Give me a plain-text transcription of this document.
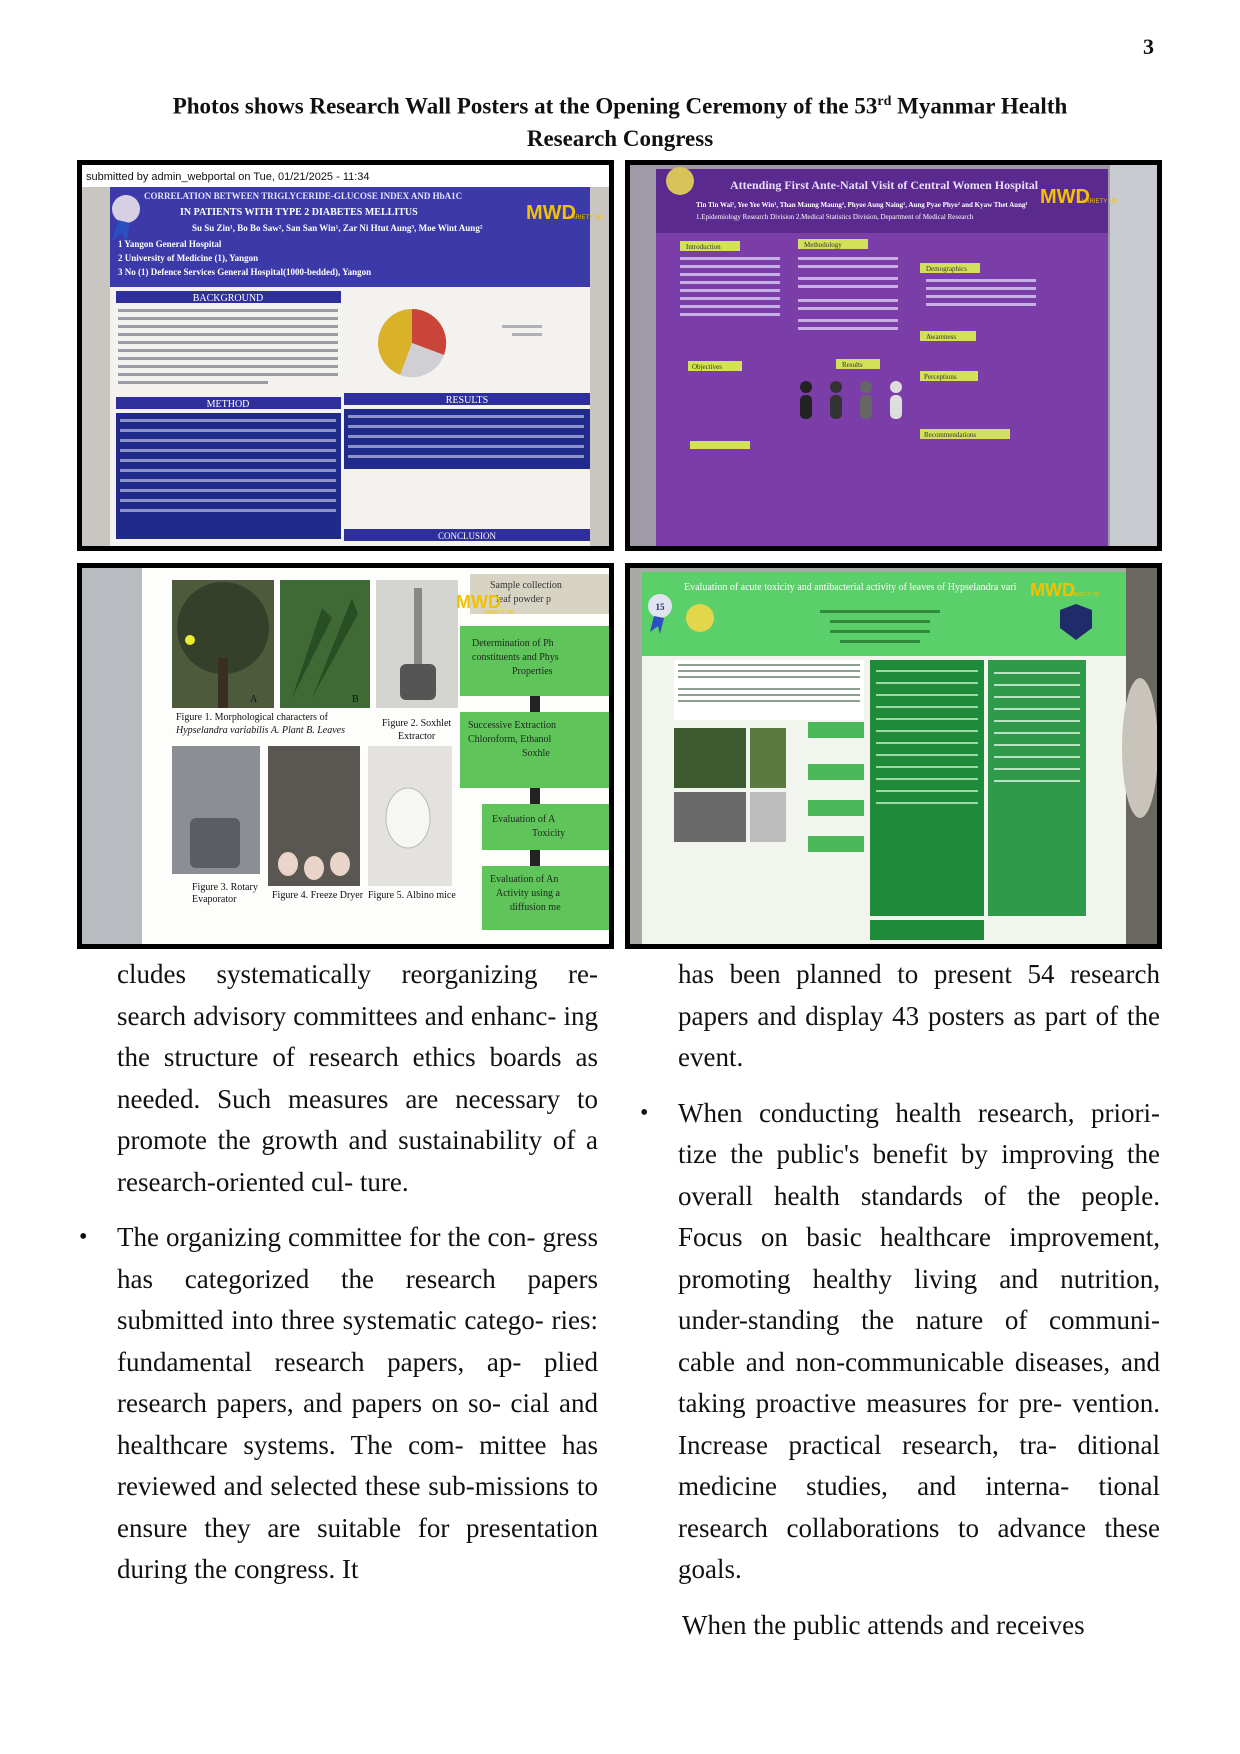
3
Photos shows Research Wall Posters at the Opening Ceremony of the 53rd Myanmar Health
Research Congress
submitted by admin_webportal on Tue, 01/21/2025 - 11:34
CORRELATION BETWEEN TRIGLYCERIDE-GLUCOSE INDEX AND HbA1C
IN PATIENTS WITH TYPE 2 DIABETES MELLITUS
Su Su Zin¹, Bo Bo Saw², San San Win¹, Zar Ni Htut Aung³, Moe Wint Aung²
1 Yangon General Hospital
2 University of Medicine (1), Yangon
3 No (1) Defence Services General Hospital(1000-bedded), Yangon
MWD
VARIETY HD
BACKGROUND
METHOD	RESULTS
CONCLUSION
Attending First Ante-Natal Visit of Central Women Hospital
Tin Tin Wai¹, Yee Yee Win¹, Than Maung Maung², Phyoe Aung Naing¹, Aung Pyae Phyo² and Kyaw Thet Aung¹
1.Epidemiology Research Division 2.Medical Statistics Division, Department of Medical Research
MWD
VARIETY HD
Introduction	Methodology
Demographics
Awareness
Results
Objectives
Perceptions
Recommendations
A	B
Figure 1. Morphological characters of
Hypselandra variabilis A. Plant B. Leaves
Figure 2. Soxhlet
Extractor
Figure 3. Rotary
Evaporator	Figure 4. Freeze Dryer Figure 5. Albino mice
Sample collection
leaf powder p
MWD
VARIETY HD
Determination of Ph
constituents and Phys
Properties
Successive Extraction
Chloroform, Ethanol
Soxhle
Evaluation of A
Toxicity
Evaluation of An
Activity using a
diffusion me
Evaluation of acute toxicity and antibacterial activity of leaves of Hypselandra vari
15
MWD
VARIETY HD

cludes systematically reorganizing re- search advisory committees and enhanc- ing the structure of research ethics boards as needed. Such measures are necessary to promote the growth and sustainability of a research-oriented cul- ture.

• The organizing committee for the con- gress has categorized the research papers submitted into three systematic catego- ries: fundamental research papers, ap- plied research papers, and papers on so- cial and healthcare systems. The com- mittee has reviewed and selected these sub-missions to ensure they are suitable for presentation during the congress. It

has been planned to present 54 research papers and display 43 posters as part of the event.

• When conducting health research, priori- tize the public's benefit by improving the overall health standards of the people. Focus on basic healthcare improvement, promoting healthy living and nutrition, under-standing the nature of communi- cable and non-communicable diseases, and taking proactive measures for pre- vention. Increase practical research, tra- ditional medicine studies, and interna- tional research collaborations to advance these goals.

When the public attends and receives
